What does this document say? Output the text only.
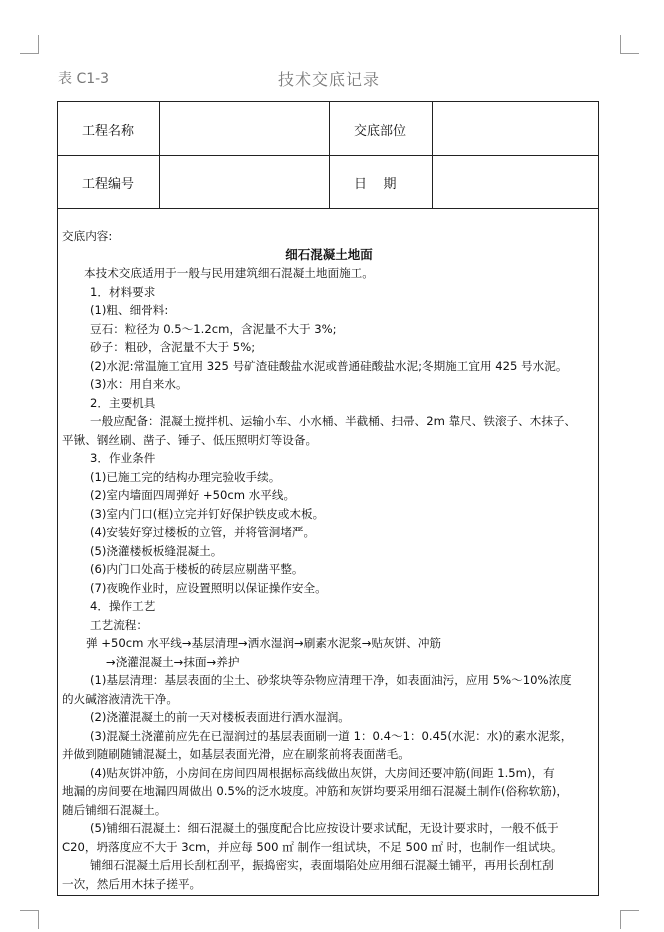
表 C1-3	技术交底记录
工程名称	交底部位
工程编号	日    期
交底内容:
细石混凝土地面
本技术交底适用于一般与民用建筑细石混凝土地面施工。
1．材料要求
(1)粗、细骨料:
豆石：粒径为 0.5～1.2cm，含泥量不大于 3%;
砂子：粗砂，含泥量不大于 5%;
(2)水泥:常温施工宜用 325 号矿渣硅酸盐水泥或普通硅酸盐水泥;冬期施工宜用 425 号水泥。
(3)水：用自来水。
2．主要机具
一般应配备：混凝土搅拌机、运输小车、小水桶、半截桶、扫帚、2m 靠尺、铁滚子、木抹子、
平锹、钢丝刷、凿子、锤子、低压照明灯等设备。
3．作业条件
(1)已施工完的结构办理完验收手续。
(2)室内墙面四周弹好 +50cm 水平线。
(3)室内门口(框)立完并钉好保护铁皮或木板。
(4)安装好穿过楼板的立管，并将管洞堵严。
(5)浇灌楼板板缝混凝土。
(6)内门口处高于楼板的砖层应剔凿平整。
(7)夜晚作业时，应设置照明以保证操作安全。
4．操作工艺
工艺流程：
弹 +50cm 水平线→基层清理→洒水湿润→刷素水泥浆→贴灰饼、冲筋
→浇灌混凝土→抹面→养护
(1)基层清理：基层表面的尘土、砂浆块等杂物应清理干净，如表面油污，应用 5%～10%浓度
的火碱溶液清洗干净。
(2)浇灌混凝土的前一天对楼板表面进行洒水湿润。
(3)混凝土浇灌前应先在已湿润过的基层表面刷一道 1：0.4～1：0.45(水泥：水)的素水泥浆，
并做到随刷随铺混凝土，如基层表面光滑，应在刷浆前将表面凿毛。
(4)贴灰饼冲筋，小房间在房间四周根据标高线做出灰饼，大房间还要冲筋(间距 1.5m)，有
地漏的房间要在地漏四周做出 0.5%的泛水坡度。冲筋和灰饼均要采用细石混凝土制作(俗称软筋)，
随后铺细石混凝土。
(5)铺细石混凝土：细石混凝土的强度配合比应按设计要求试配，无设计要求时，一般不低于
C20，坍落度应不大于 3cm，并应每 500 ㎡ 制作一组试块，不足 500 ㎡ 时，也制作一组试块。
铺细石混凝土后用长刮杠刮平，振捣密实，表面塌陷处应用细石混凝土铺平，再用长刮杠刮
一次，然后用木抹子搓平。
